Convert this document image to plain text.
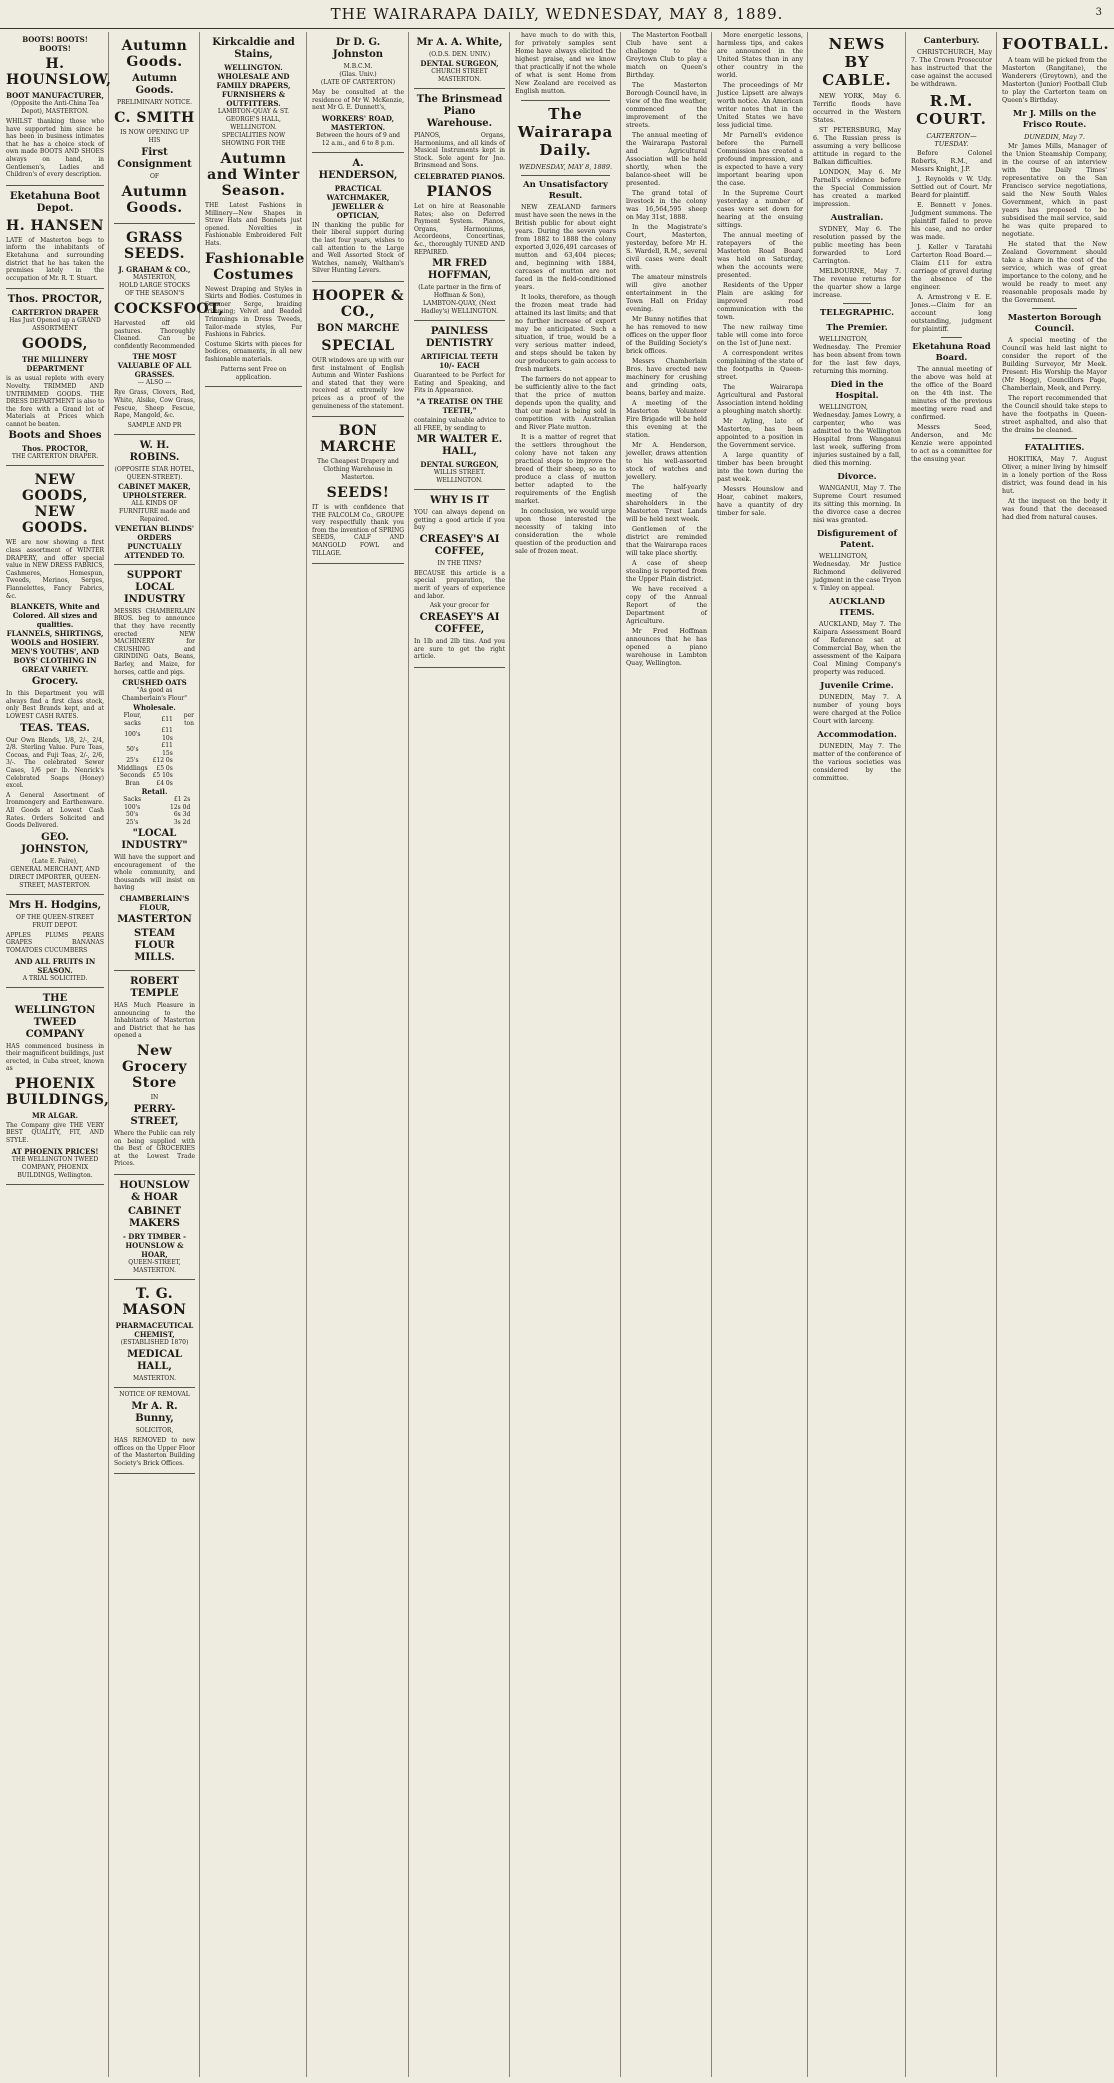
THE WAIRARAPA DAILY, WEDNESDAY, MAY 8, 1889.	3
BOOTS! BOOTS! BOOTS!
H. HOUNSLOW,
BOOT MANUFACTURER,
(Opposite the Anti-China Tea Depot), MASTERTON.

WHILST thanking those who have supported him since he has been in business intimates that he has a choice stock of own made BOOTS AND SHOES always on hand, in Gentlemen's, Ladies and Children's of every description.

Eketahuna Boot Depot.
H. HANSEN

LATE of Masterton begs to inform the inhabitants of Eketahuna and surrounding district that he has taken the premises lately in the occupation of Mr. R. T. Stuart.

Thos. PROCTOR,
CARTERTON DRAPER
Has Just Opened up a GRAND ASSORTMENT
GOODS,
THE MILLINERY DEPARTMENT

is as usual replete with every Novelty. TRIMMED AND UNTRIMMED GOODS. THE DRESS DEPARTMENT is also to the fore with a Grand lot of Materials at Prices which cannot be beaten.

Boots and Shoes
Thos. PROCTOR,
THE CARTERTON DRAPER.
NEW GOODS, NEW GOODS.

WE are now showing a first class assortment of WINTER DRAPERY, and offer special value in NEW DRESS FABRICS, Cashmeres, Homespun, Tweeds, Merinos, Serges, Flannelettes, Fancy Fabrics, &c.

BLANKETS, White and Colored. All sizes and qualities.
FLANNELS, SHIRTINGS, WOOLS and HOSIERY.
MEN'S YOUTHS', AND BOYS' CLOTHING IN GREAT VARIETY.
Grocery.

In this Department you will always find a first class stock, only Best Brands kept, and at LOWEST CASH RATES.

TEAS. TEAS.

Our Own Blends, 1/8, 2/-, 2/4, 2/8. Sterling Value. Pure Teas, Cocoas, and Fuji Teas, 2/-, 2/6, 3/-. The celebrated Sewer Cases, 1/6 per lb. Nenrick's Celebrated Soaps (Honey) excel.

A General Assortment of Ironmongery and Earthenware. All Goods at Lowest Cash Rates. Orders Solicited and Goods Delivered.

GEO. JOHNSTON,
(Late E. Faire),
GENERAL MERCHANT, AND DIRECT IMPORTER, QUEEN-STREET, MASTERTON.
Mrs H. Hodgins,
OF THE QUEEN-STREET FRUIT DEPOT.

APPLES PLUMS PEARS GRAPES BANANAS TOMATOES CUCUMBERS

AND ALL FRUITS IN SEASON.
A TRIAL SOLICITED.
THE WELLINGTON TWEED COMPANY

HAS commenced business in their magnificent buildings, just erected, in Cuba street, known as

PHOENIX BUILDINGS,
MR ALGAR.

The Company give THE VERY BEST QUALITY, FIT, AND STYLE.

AT PHOENIX PRICES!
THE WELLINGTON TWEED COMPANY, PHOENIX BUILDINGS, Wellington.
Autumn Goods.
Autumn Goods.
PRELIMINARY NOTICE.
C. SMITH
IS NOW OPENING UP HIS
First Consignment
OF
Autumn Goods.
GRASS SEEDS.
J. GRAHAM & CO.,
MASTERTON,
HOLD LARGE STOCKS OF THE SEASON'S
COCKSFOOT,

Harvested off old pastures. Thoroughly Cleaned. Can be confidently Recommended

THE MOST VALUABLE OF ALL GRASSES.
--- ALSO ---

Rye Grass, Clovers, Red, White, Alsike, Cow Grass, Fescue, Sheep Fescue, Rape, Mangold, &c.

SAMPLE AND PR
W. H. ROBINS.
(OPPOSITE STAR HOTEL, QUEEN-STREET).
CABINET MAKER, UPHOLSTERER.
ALL KINDS OF FURNITURE made and Repaired.
VENETIAN BLINDS' ORDERS PUNCTUALLY ATTENDED TO.
SUPPORT LOCAL INDUSTRY

MESSRS CHAMBERLAIN BROS. beg to announce that they have recently erected NEW MACHINERY for CRUSHING and GRINDING Oats, Beans, Barley, and Maize, for horses, cattle and pigs.

CRUSHED OATS
"As good as Chamberlain's Flour"
Wholesale.
Flour, sacks	£11	per ton
100's	£11 10s	
50's	£11 15s	
25's	£12 0s	
Middlings	£5 0s	
Seconds	£5 10s	
Bran	£4 0s	
Retail.
Sacks	£1 2s	
100's	12s 0d	
50's	6s 3d	
25's	3s 2d	
"LOCAL INDUSTRY"

Will have the support and encouragement of the whole community, and thousands will insist on having

CHAMBERLAIN'S FLOUR,
MASTERTON
STEAM FLOUR MILLS.
ROBERT TEMPLE

HAS Much Pleasure in announcing to the Inhabitants of Masterton and District that he has opened a

New Grocery Store
IN
PERRY-STREET,

Where the Public can rely on being supplied with the Best of GROCERIES at the Lowest Trade Prices.

HOUNSLOW & HOAR
CABINET MAKERS
- DRY TIMBER -
HOUNSLOW & HOAR,
QUEEN-STREET, MASTERTON.
T. G. MASON
PHARMACEUTICAL CHEMIST,
(ESTABLISHED 1870)
MEDICAL HALL,
MASTERTON.
NOTICE OF REMOVAL
Mr A. R. Bunny,
SOLICITOR,

HAS REMOVED to new offices on the Upper Floor of the Masterton Building Society's Brick Offices.

Kirkcaldie and Stains,
WELLINGTON.
WHOLESALE AND FAMILY DRAPERS, FURNISHERS & OUTFITTERS.
LAMBTON-QUAY & ST. GEORGE'S HALL, WELLINGTON.
SPECIALITIES NOW SHOWING FOR THE
Autumn and Winter Season.

THE Latest Fashions in Millinery—New Shapes in Straw Hats and Bonnets just opened. Novelties in Fashionable Embroidered Felt Hats.

Fashionable Costumes

Newest Draping and Styles in Skirts and Bodies. Costumes in Summer Serge, braiding trimming; Velvet and Beaded Trimmings in Dress Tweeds, Tailor-made styles, Fur Fashions in Fabrics.

Costume Skirts with pieces for bodices, ornaments, in all new fashionable materials.

Patterns sent Free on application.
Dr D. G. Johnston
M.B.C.M.
(Glas. Univ.)
(LATE OF CARTERTON)

May be consulted at the residence of Mr W. McKenzie, next Mr G. E. Dunnett's,

WORKERS' ROAD, MASTERTON.
Between the hours of 9 and 12 a.m., and 6 to 8 p.m.
A. HENDERSON,
PRACTICAL WATCHMAKER, JEWELLER & OPTICIAN,

IN thanking the public for their liberal support during the last four years, wishes to call attention to the Large and Well Assorted Stock of Watches, namely, Waltham's Silver Hunting Levers.

HOOPER & CO.,
BON MARCHE
SPECIAL

OUR windows are up with our first instalment of English Autumn and Winter Fashions and stated that they were received at extremely low prices as a proof of the genuineness of the statement.

BON MARCHE
The Cheapest Drapery and Clothing Warehouse in Masterton.
SEEDS!

IT is with confidence that THE FALCOLM Co., GROUPE very respectfully thank you from the invention of SPRING SEEDS, CALF AND MANGOLD FOWL and TILLAGE.

Mr A. A. White,
(O.D.S. DEN. UNIV.)
DENTAL SURGEON,
CHURCH STREET MASTERTON.
The Brinsmead Piano Warehouse.

PIANOS, Organs, Harmoniums, and all kinds of Musical Instruments kept in Stock. Sole agent for Jno. Brinsmead and Sons.

CELEBRATED PIANOS.
PIANOS

Let on hire at Reasonable Rates; also on Deferred Payment System. Pianos, Organs, Harmoniums, Accordeons, Concertinas, &c., thoroughly TUNED AND REPAIRED.

MR FRED HOFFMAN,
(Late partner in the firm of Hoffman & Son),
LAMBTON-QUAY, (Next Hadley's) WELLINGTON.
PAINLESS DENTISTRY
ARTIFICIAL TEETH 10/- EACH

Guaranteed to be Perfect for Eating and Speaking, and Fits in Appearance.

"A TREATISE ON THE TEETH,"

containing valuable advice to all FREE, by sending to

MR WALTER E. HALL,
DENTAL SURGEON,
WILLIS STREET. WELLINGTON.
WHY IS IT

YOU can always depend on getting a good article if you buy

CREASEY'S AI COFFEE,
IN THE TINS?

BECAUSE this article is a special preparation, the merit of years of experience and labor.

Ask your grocer for
CREASEY'S AI COFFEE,

In 1lb and 2lb tins. And you are sure to get the right article.

have much to do with this, for privately samples sent Home have always elicited the highest praise, and we know that practically if not the whole of what is sent Home from New Zealand are received as English mutton.

The Wairarapa Daily.
WEDNESDAY, MAY 8, 1889.
An Unsatisfactory Result.

NEW ZEALAND farmers must have seen the news in the British public for about eight years. During the seven years from 1882 to 1888 the colony exported 3,026,491 carcases of mutton and 63,404 pieces; and, beginning with 1884, carcases of mutton are not faced in the field-conditioned years.

It looks, therefore, as though the frozen meat trade had attained its last limits; and that no further increase of export may be anticipated. Such a situation, if true, would be a very serious matter indeed, and steps should be taken by our producers to gain access to fresh markets.

The farmers do not appear to be sufficiently alive to the fact that the price of mutton depends upon the quality, and that our meat is being sold in competition with Australian and River Plate mutton.

It is a matter of regret that the settlers throughout the colony have not taken any practical steps to improve the breed of their sheep, so as to produce a class of mutton better adapted to the requirements of the English market.

In conclusion, we would urge upon those interested the necessity of taking into consideration the whole question of the production and sale of frozen meat.

The Masterton Football Club have sent a challenge to the Greytown Club to play a match on Queen's Birthday.

The Masterton Borough Council have, in view of the fine weather, commenced the improvement of the streets.

The annual meeting of the Wairarapa Pastoral and Agricultural Association will be held shortly, when the balance-sheet will be presented.

The grand total of livestock in the colony was 16,564,595 sheep on May 31st, 1888.

In the Magistrate's Court, Masterton, yesterday, before Mr H. S. Wardell, R.M., several civil cases were dealt with.

The amateur minstrels will give another entertainment in the Town Hall on Friday evening.

Mr Bunny notifies that he has removed to new offices on the upper floor of the Building Society's brick offices.

Messrs Chamberlain Bros. have erected new machinery for crushing and grinding oats, beans, barley and maize.

A meeting of the Masterton Volunteer Fire Brigade will be held this evening at the station.

Mr A. Henderson, jeweller, draws attention to his well-assorted stock of watches and jewellery.

The half-yearly meeting of the shareholders in the Masterton Trust Lands will be held next week.

Gentlemen of the district are reminded that the Wairarapa races will take place shortly.

A case of sheep stealing is reported from the Upper Plain district.

We have received a copy of the Annual Report of the Department of Agriculture.

Mr Fred Hoffman announces that he has opened a piano warehouse in Lambton Quay, Wellington.

More energetic lessons, harmless tips, and cakes are announced in the United States than in any other country in the world.

The proceedings of Mr Justice Lipsett are always worth notice. An American writer notes that in the United States we have less judicial time.

Mr Parnell's evidence before the Parnell Commission has created a profound impression, and is expected to have a very important bearing upon the case.

In the Supreme Court yesterday a number of cases were set down for hearing at the ensuing sittings.

The annual meeting of ratepayers of the Masterton Road Board was held on Saturday, when the accounts were presented.

Residents of the Upper Plain are asking for improved road communication with the town.

The new railway time table will come into force on the 1st of June next.

A correspondent writes complaining of the state of the footpaths in Queen-street.

The Wairarapa Agricultural and Pastoral Association intend holding a ploughing match shortly.

Mr Ayling, late of Masterton, has been appointed to a position in the Government service.

A large quantity of timber has been brought into the town during the past week.

Messrs Hounslow and Hoar, cabinet makers, have a quantity of dry timber for sale.

NEWS BY CABLE.

NEW YORK, May 6. Terrific floods have occurred in the Western States.

ST PETERSBURG, May 6. The Russian press is assuming a very bellicose attitude in regard to the Balkan difficulties.

LONDON, May 6. Mr Parnell's evidence before the Special Commission has created a marked impression.

Australian.

SYDNEY, May 6. The resolution passed by the public meeting has been forwarded to Lord Carrington.

MELBOURNE, May 7. The revenue returns for the quarter show a large increase.

TELEGRAPHIC.
The Premier.

WELLINGTON, Wednesday. The Premier has been absent from town for the last few days, returning this morning.

Died in the Hospital.

WELLINGTON, Wednesday. James Lowry, a carpenter, who was admitted to the Wellington Hospital from Wanganui last week, suffering from injuries sustained by a fall, died this morning.

Divorce.

WANGANUI, May 7. The Supreme Court resumed its sitting this morning. In the divorce case a decree nisi was granted.

Disfigurement of Patent.

WELLINGTON, Wednesday. Mr Justice Richmond delivered judgment in the case Tryon v. Tinley on appeal.

AUCKLAND ITEMS.

AUCKLAND, May 7. The Kaipara Assessment Board of Reference sat at Commercial Bay, when the assessment of the Kaipara Coal Mining Company's property was reduced.

Juvenile Crime.

DUNEDIN, May 7. A number of young boys were charged at the Police Court with larceny.

Accommodation.

DUNEDIN, May 7. The matter of the conference of the various societies was considered by the committee.

Canterbury.

CHRISTCHURCH, May 7. The Crown Prosecutor has instructed that the case against the accused be withdrawn.

R.M. COURT.
CARTERTON—TUESDAY.

Before Colonel Roberts, R.M., and Messrs Knight, J.P.

J. Reynolds v W. Udy. Settled out of Court. Mr Beard for plaintiff.

E. Bennett v Jones. Judgment summons. The plaintiff failed to prove his case, and no order was made.

J. Keller v Taratahi Carterton Road Board.—Claim £11 for extra carriage of gravel during the absence of the engineer.

A. Armstrong v E. E. Jones.—Claim for an account long outstanding, judgment for plaintiff.

Eketahuna Road Board.

The annual meeting of the above was held at the office of the Board on the 4th inst. The minutes of the previous meeting were read and confirmed.

Messrs Seed, Anderson, and Mc Kenzie were appointed to act as a committee for the ensuing year.

FOOTBALL.

A team will be picked from the Masterton (Rangitane), the Wanderers (Greytown), and the Masterton (Junior) Football Club to play the Carterton team on Queen's Birthday.

Mr J. Mills on the Frisco Route.
DUNEDIN, May 7.

Mr James Mills, Manager of the Union Steamship Company, in the course of an interview with the Daily Times' representative on the San Francisco service negotiations, said the New South Wales Government, which in past years has proposed to be subsidised the mail service, said he was quite prepared to negotiate.

He stated that the New Zealand Government should take a share in the cost of the service, which was of great importance to the colony, and he would be ready to meet any reasonable proposals made by the Government.

Masterton Borough Council.

A special meeting of the Council was held last night to consider the report of the Building Surveyor, Mr Meek. Present: His Worship the Mayor (Mr Hogg), Councillors Page, Chamberlain, Meek, and Perry.

The report recommended that the Council should take steps to have the footpaths in Queen-street asphalted, and also that the drains be cleaned.

FATALITIES.

HOKITIKA, May 7. August Oliver, a miner living by himself in a lonely portion of the Ross district, was found dead in his hut.

At the inquest on the body it was found that the deceased had died from natural causes.
